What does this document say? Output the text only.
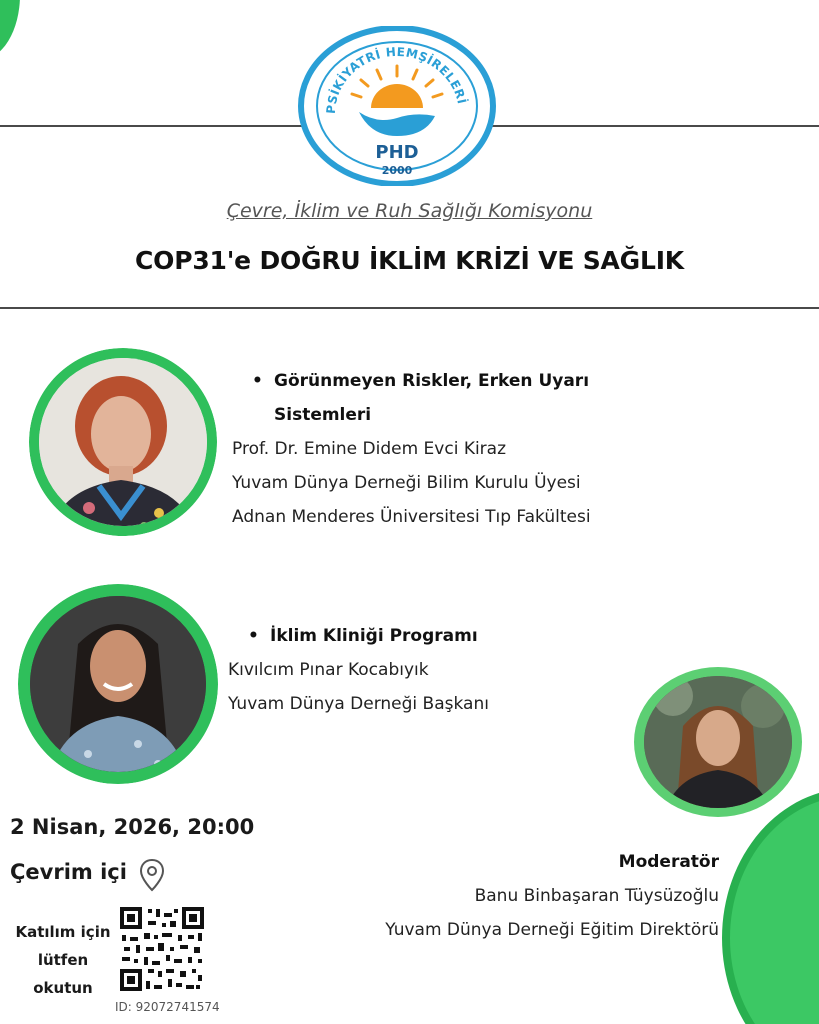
PSİKİYATRİ HEMŞİRELERİ
PHD
2000
Çevre, İklim ve Ruh Sağlığı Komisyonu
COP31'e DOĞRU İKLİM KRİZİ VE SAĞLIK
• Görünmeyen Riskler, Erken Uyarı
Sistemleri
Prof. Dr. Emine Didem Evci Kiraz
Yuvam Dünya Derneği Bilim Kurulu Üyesi
Adnan Menderes Üniversitesi Tıp Fakültesi
• İklim Kliniği Programı
Kıvılcım Pınar Kocabıyık
Yuvam Dünya Derneği Başkanı
2 Nisan, 2026, 20:00
Çevrim içi
Katılım için lütfen okutun
ID: 92072741574
Moderatör
Banu Binbaşaran Tüysüzoğlu
Yuvam Dünya Derneği Eğitim Direktörü
